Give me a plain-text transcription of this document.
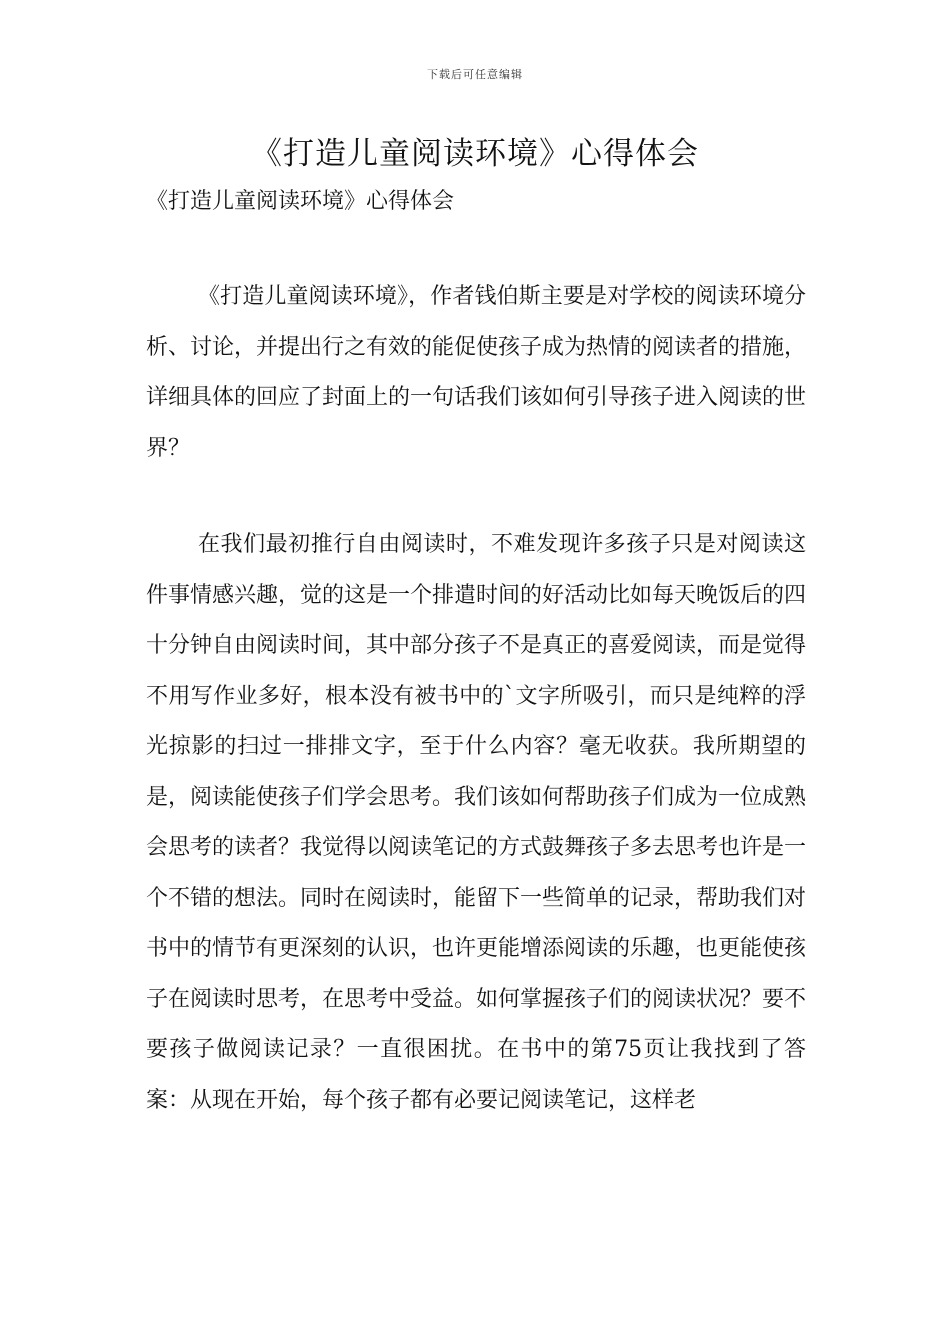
下载后可任意编辑
《打造儿童阅读环境》心得体会

《打造儿童阅读环境》心得体会

《打造儿童阅读环境》，作者钱伯斯主要是对学校的阅读环境分析、讨论，并提出行之有效的能促使孩子成为热情的阅读者的措施，详细具体的回应了封面上的一句话我们该如何引导孩子进入阅读的世界？

在我们最初推行自由阅读时，不难发现许多孩子只是对阅读这件事情感兴趣，觉的这是一个排遣时间的好活动比如每天晚饭后的四十分钟自由阅读时间，其中部分孩子不是真正的喜爱阅读，而是觉得不用写作业多好，根本没有被书中的`文字所吸引，而只是纯粹的浮光掠影的扫过一排排文字，至于什么内容？毫无收获。我所期望的是，阅读能使孩子们学会思考。我们该如何帮助孩子们成为一位成熟会思考的读者？我觉得以阅读笔记的方式鼓舞孩子多去思考也许是一个不错的想法。同时在阅读时，能留下一些简单的记录，帮助我们对书中的情节有更深刻的认识，也许更能增添阅读的乐趣，也更能使孩子在阅读时思考，在思考中受益。如何掌握孩子们的阅读状况？要不要孩子做阅读记录？一直很困扰。在书中的第75页让我找到了答案：从现在开始，每个孩子都有必要记阅读笔记，这样老
